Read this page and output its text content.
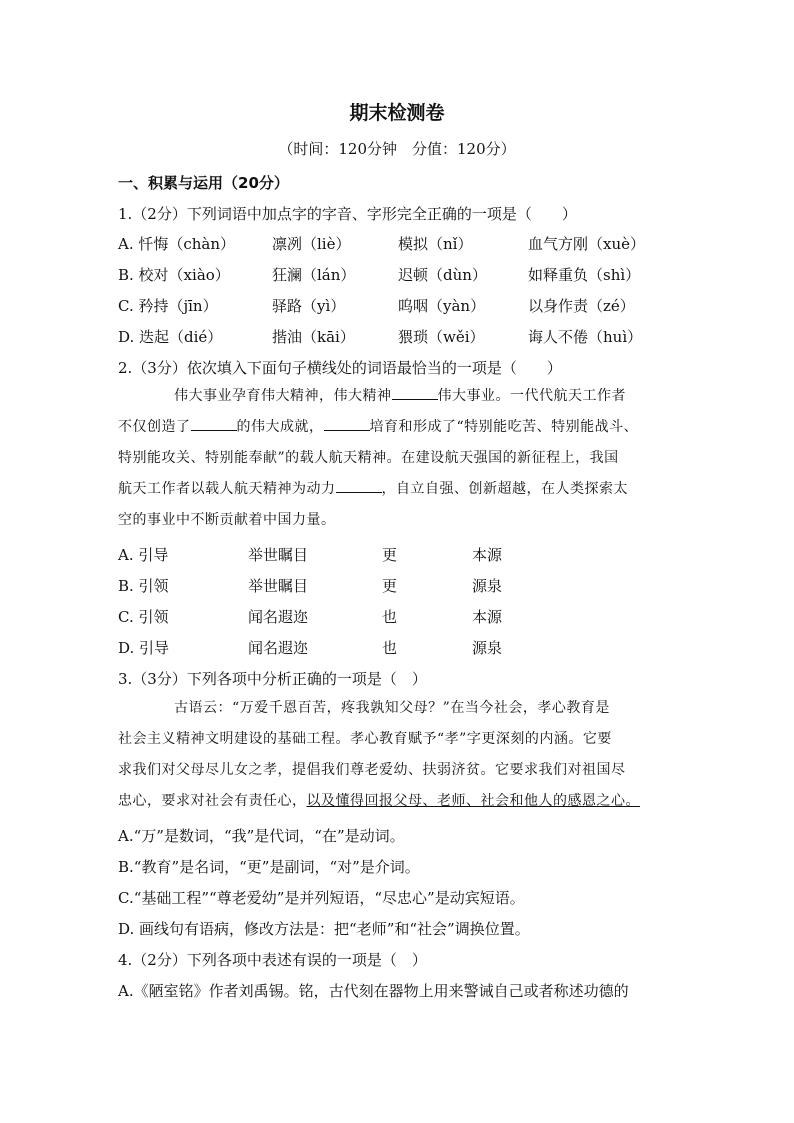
期末检测卷
（时间：120分钟　分值：120分）
一、积累与运用（20分）
1.（2分）下列词语中加点字的字音、字形完全正确的一项是（　　）
A. 忏悔（chàn） 凛冽（liè）	模拟（nǐ）	血气方刚（xuè）
B. 校对（xiào）	狂澜（lán）	迟顿（dùn）	如释重负（shì）
C. 矜持（jīn）	驿路（yì）	呜咽（yàn）	以身作责（zé）
D. 迭起（dié）	揩油（kāi）	猥琐（wěi）	诲人不倦（huì）
2.（3分）依次填入下面句子横线处的词语最恰当的一项是（　　）
伟大事业孕育伟大精神，伟大精神	伟大事业。一代代航天工作者
不仅创造了	的伟大成就，	培育和形成了“特别能吃苦、特别能战斗、
特别能攻关、特别能奉献”的载人航天精神。在建设航天强国的新征程上，我国
航天工作者以载人航天精神为动力	，自立自强、创新超越，在人类探索太
空的事业中不断贡献着中国力量。
A. 引导	举世瞩目	更	本源
B. 引领	举世瞩目	更	源泉
C. 引领	闻名遐迩	也	本源
D. 引导	闻名遐迩	也	源泉
3.（3分）下列各项中分析正确的一项是（　）
古语云：“万爱千恩百苦，疼我孰知父母？”在当今社会，孝心教育是
社会主义精神文明建设的基础工程。孝心教育赋予“孝”字更深刻的内涵。它要
求我们对父母尽儿女之孝，提倡我们尊老爱幼、扶弱济贫。它要求我们对祖国尽
忠心，要求对社会有责任心，以及懂得回报父母、老师、社会和他人的感恩之心。
A.“万”是数词，“我”是代词，“在”是动词。
B.“教育”是名词，“更”是副词，“对”是介词。
C.“基础工程”“尊老爱幼”是并列短语，“尽忠心”是动宾短语。
D. 画线句有语病，修改方法是：把“老师”和“社会”调换位置。
4.（2分）下列各项中表述有误的一项是（　）
A.《陋室铭》作者刘禹锡。铭，古代刻在器物上用来警诫自己或者称述功德的
